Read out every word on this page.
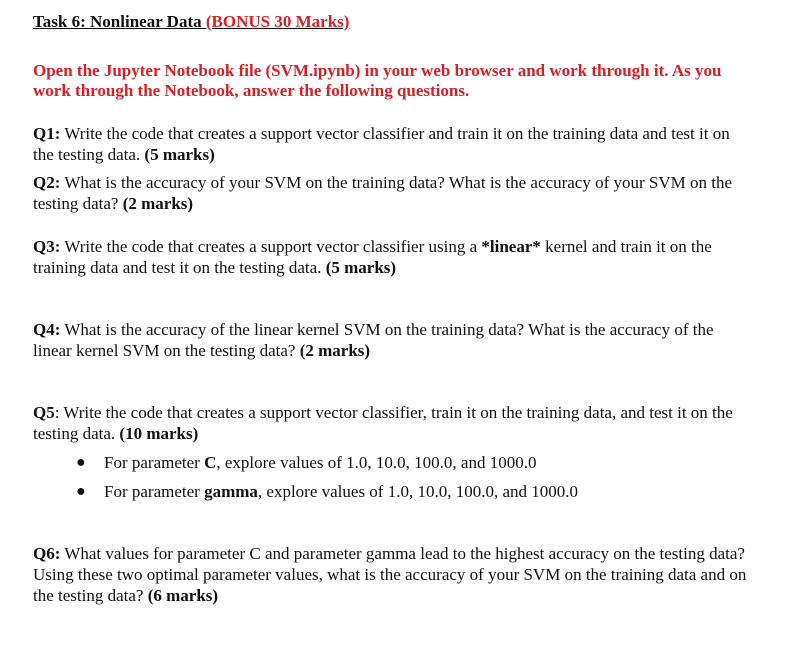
Task 6: Nonlinear Data (BONUS 30 Marks)
Open the Jupyter Notebook file (SVM.ipynb) in your web browser and work through it. As you work through the Notebook, answer the following questions.
Q1: Write the code that creates a support vector classifier and train it on the training data and test it on the testing data. (5 marks)
Q2: What is the accuracy of your SVM on the training data? What is the accuracy of your SVM on the testing data? (2 marks)
Q3: Write the code that creates a support vector classifier using a *linear* kernel and train it on the training data and test it on the testing data. (5 marks)
Q4: What is the accuracy of the linear kernel SVM on the training data? What is the accuracy of the linear kernel SVM on the testing data? (2 marks)
Q5: Write the code that creates a support vector classifier, train it on the training data, and test it on the testing data. (10 marks)
● For parameter C, explore values of 1.0, 10.0, 100.0, and 1000.0
● For parameter gamma, explore values of 1.0, 10.0, 100.0, and 1000.0
Q6: What values for parameter C and parameter gamma lead to the highest accuracy on the testing data? Using these two optimal parameter values, what is the accuracy of your SVM on the training data and on the testing data? (6 marks)
